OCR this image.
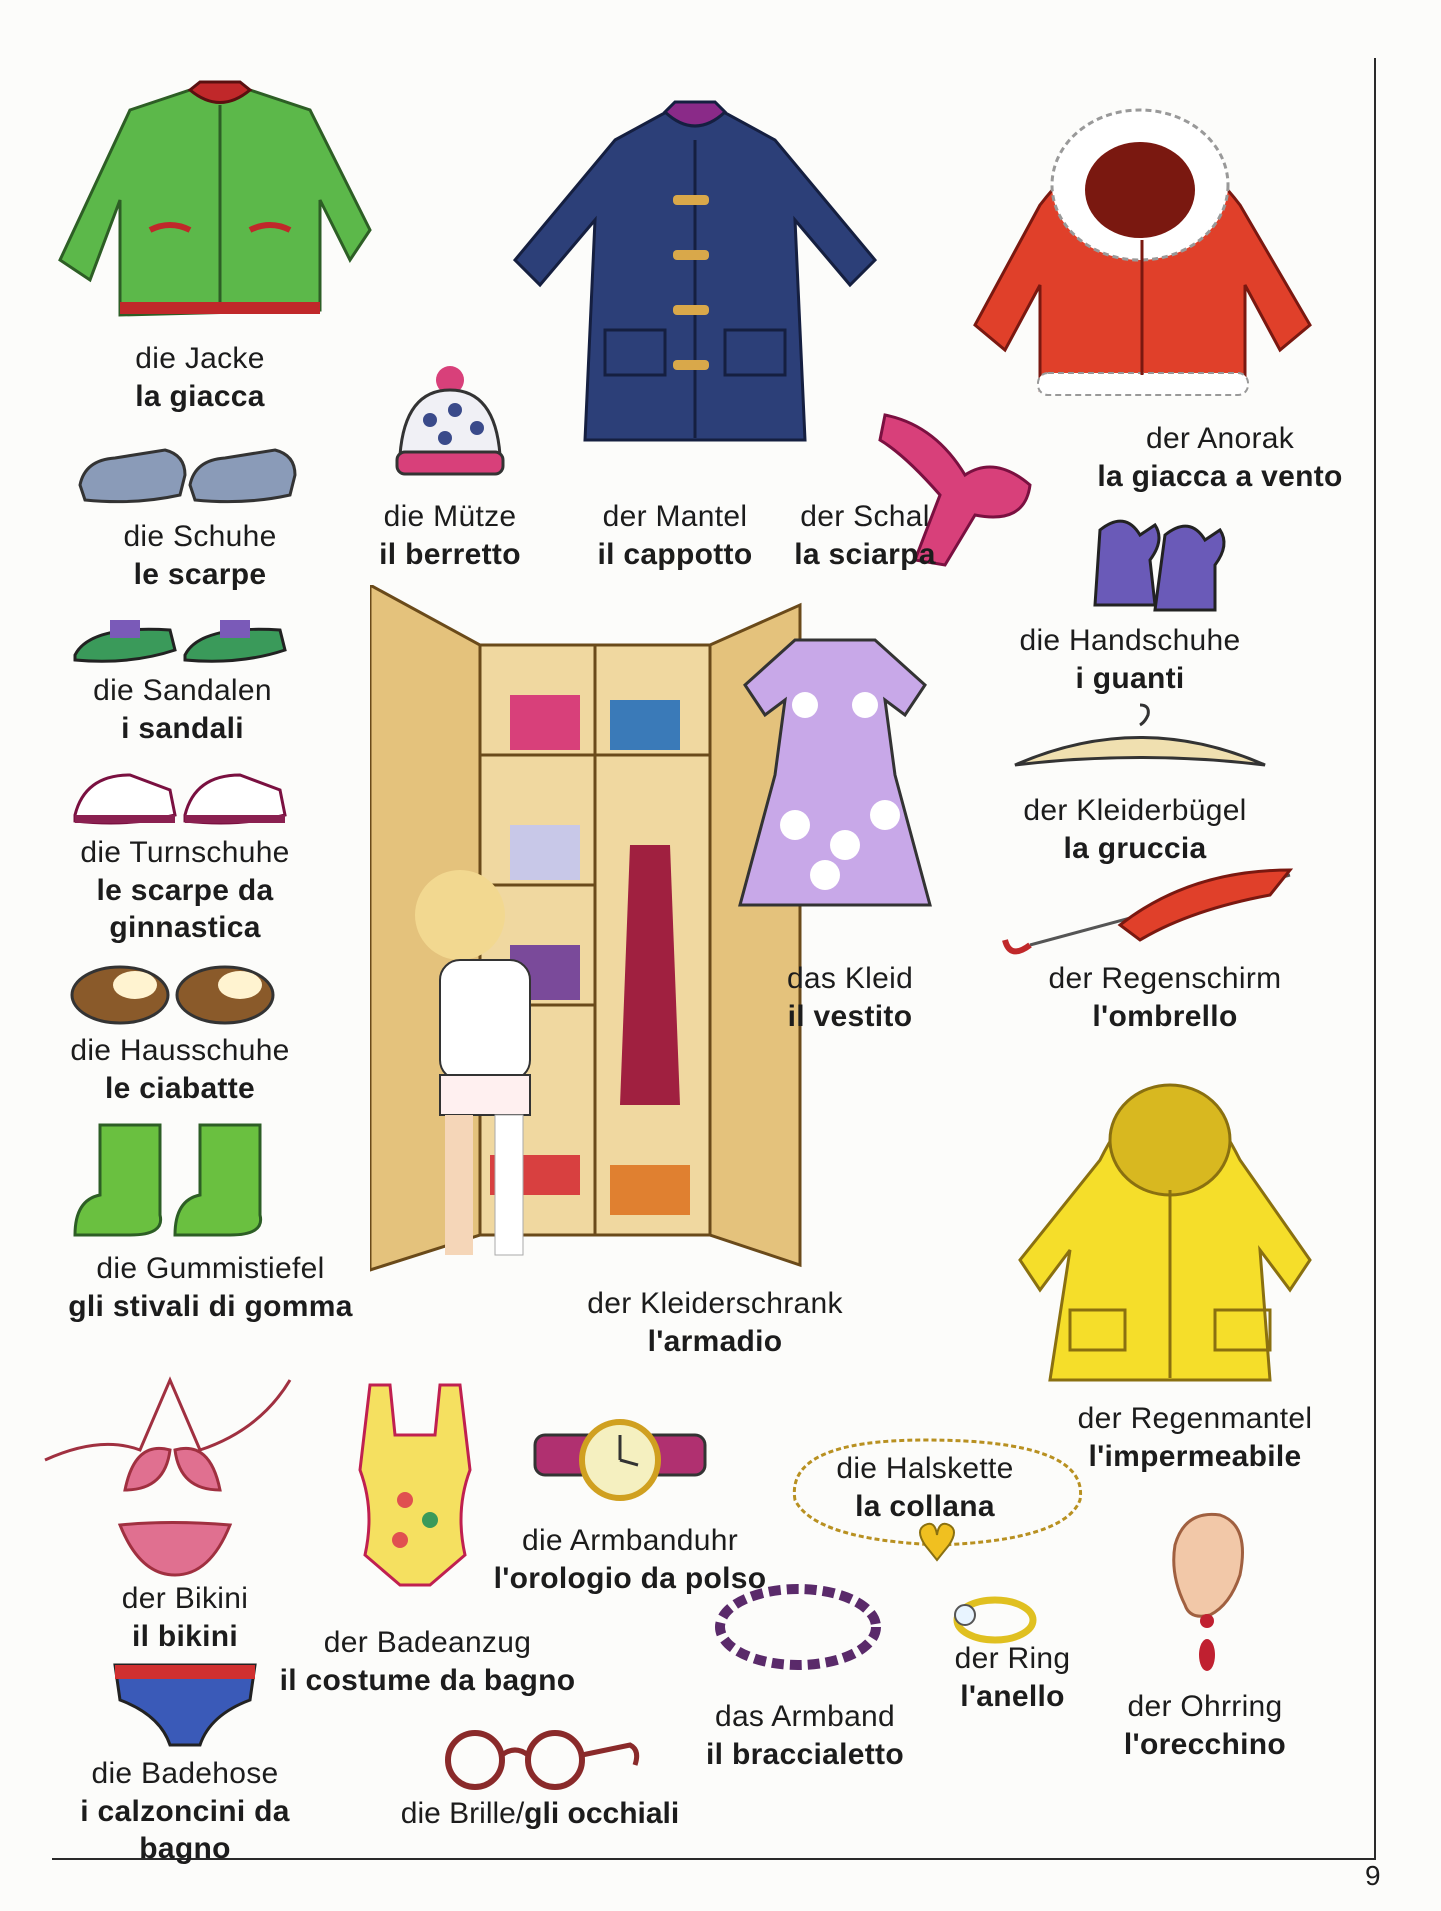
die Jacke
la giacca
die Schuhe
le scarpe
die Mütze
il berretto
der Mantel
il cappotto
der Schal
la sciarpa
der Anorak
la giacca a vento
die Handschuhe
i guanti
die Sandalen
i sandali
die Turnschuhe
le scarpe da
ginnastica
der Kleiderbügel
la gruccia
das Kleid
il vestito
der Regenschirm
l'ombrello
die Hausschuhe
le ciabatte
die Gummistiefel
gli stivali di gomma	der Kleiderschrank
l'armadio
der Regenmantel
l'impermeabile
der Bikini
il bikini	der Badeanzug
il costume da bagno
die Armbanduhr
l'orologio da polso
die Halskette
la collana
der Ring
l'anello	der Ohrring
l'orecchino
das Armband
il braccialetto
die Badehose
i calzoncini da
bagno
die Brille/gli occhiali
9
